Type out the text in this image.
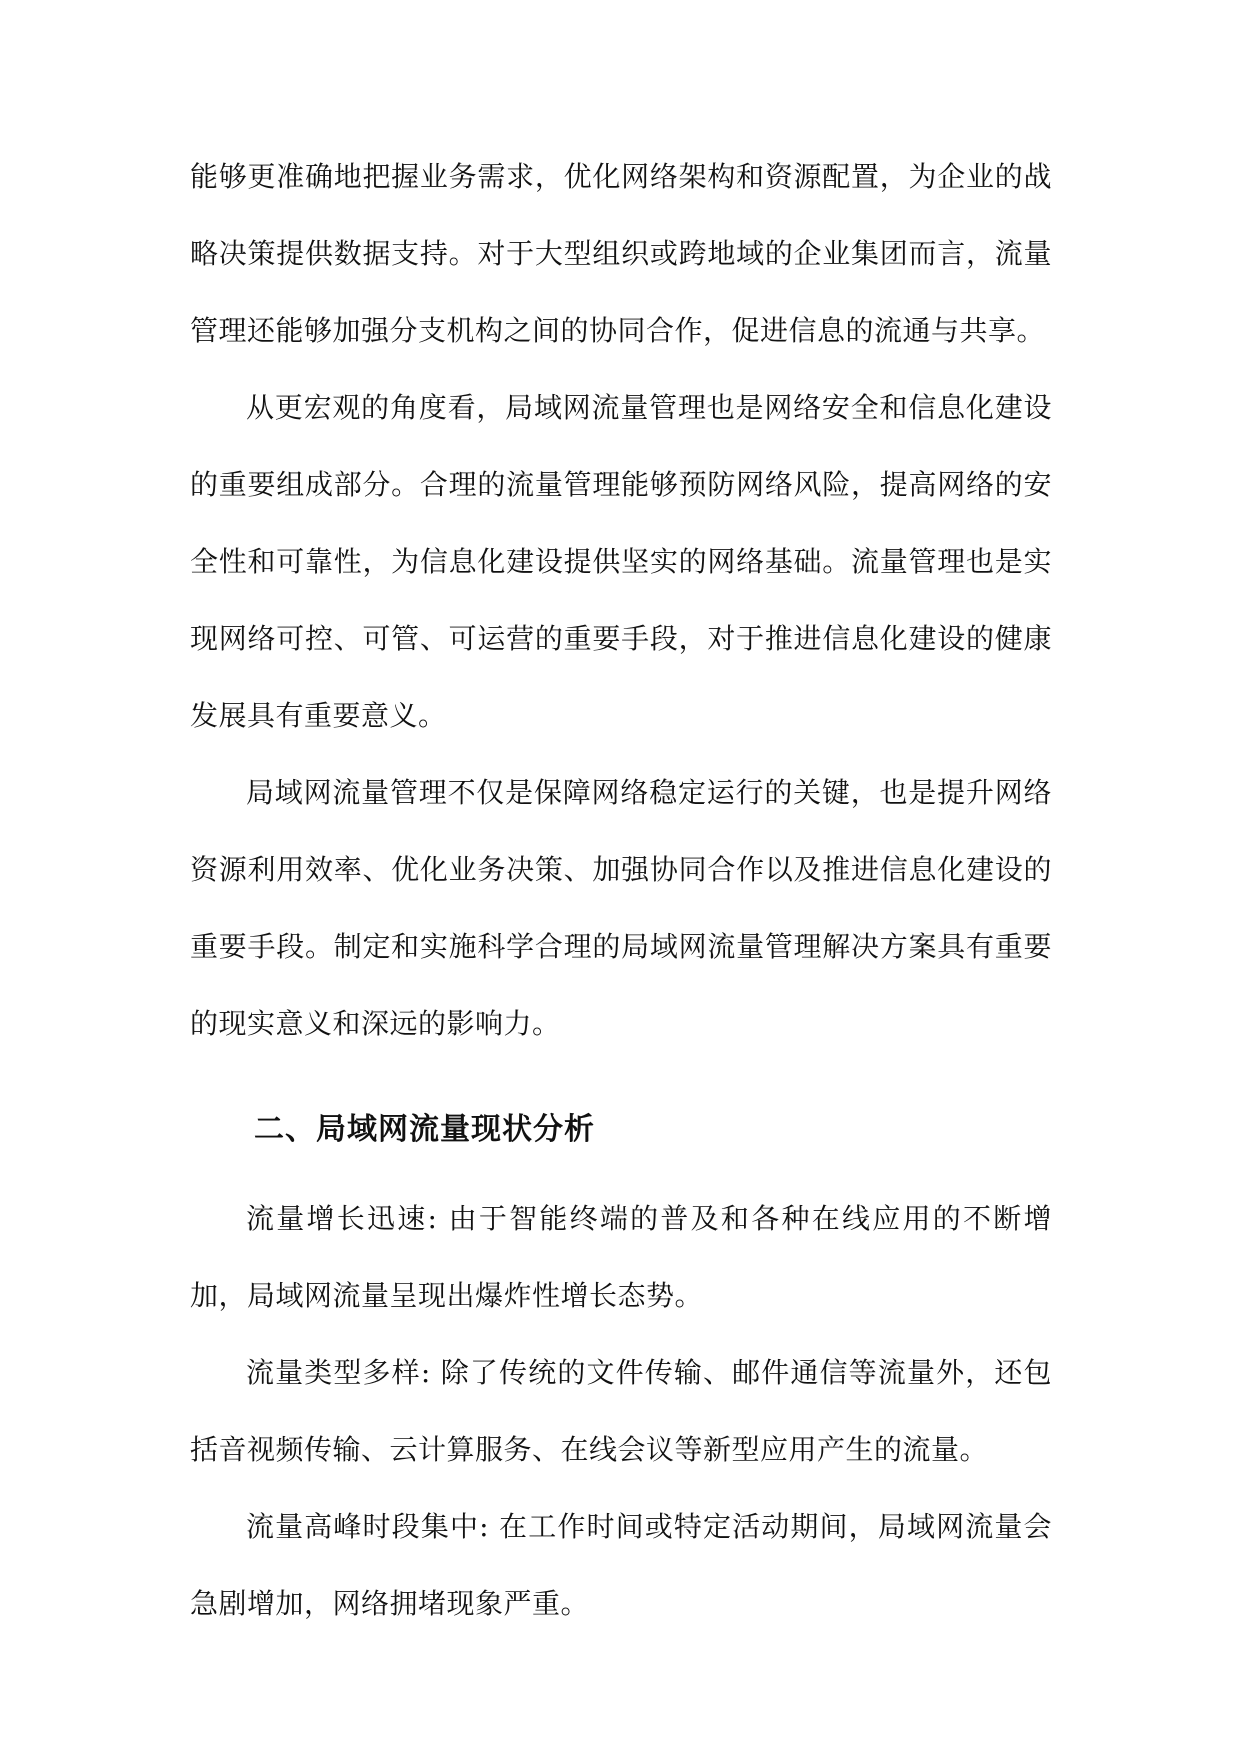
能够更准确地把握业务需求，优化网络架构和资源配置，为企业的战略决策提供数据支持。对于大型组织或跨地域的企业集团而言，流量管理还能够加强分支机构之间的协同合作，促进信息的流通与共享。

从更宏观的角度看，局域网流量管理也是网络安全和信息化建设的重要组成部分。合理的流量管理能够预防网络风险，提高网络的安全性和可靠性，为信息化建设提供坚实的网络基础。流量管理也是实现网络可控、可管、可运营的重要手段，对于推进信息化建设的健康发展具有重要意义。

局域网流量管理不仅是保障网络稳定运行的关键，也是提升网络资源利用效率、优化业务决策、加强协同合作以及推进信息化建设的重要手段。制定和实施科学合理的局域网流量管理解决方案具有重要的现实意义和深远的影响力。

二、局域网流量现状分析

流量增长迅速: 由于智能终端的普及和各种在线应用的不断增加，局域网流量呈现出爆炸性增长态势。

流量类型多样: 除了传统的文件传输、邮件通信等流量外，还包括音视频传输、云计算服务、在线会议等新型应用产生的流量。

流量高峰时段集中: 在工作时间或特定活动期间，局域网流量会急剧增加，网络拥堵现象严重。
